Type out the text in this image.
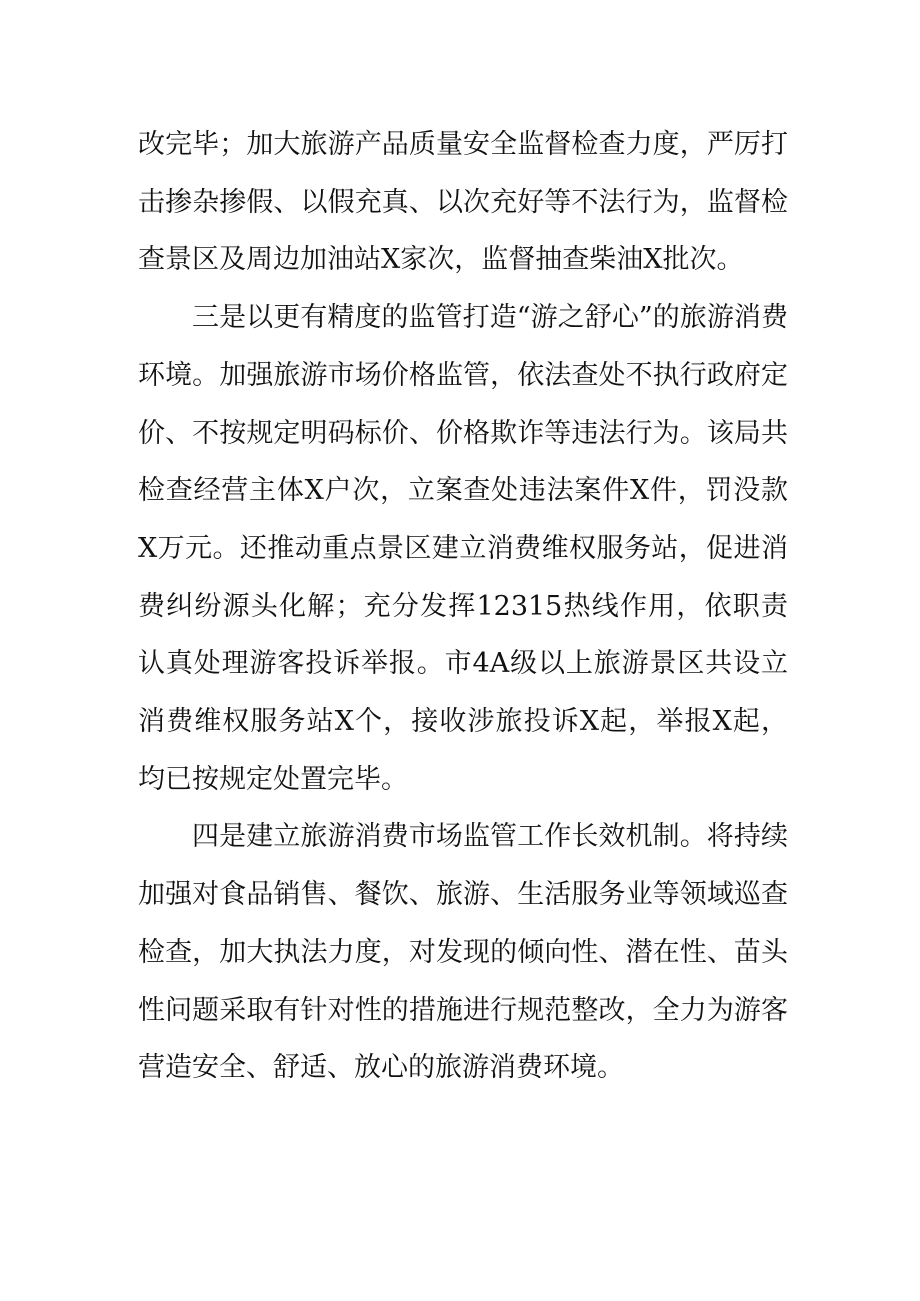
改完毕；加大旅游产品质量安全监督检查力度，严厉打击掺杂掺假、以假充真、以次充好等不法行为，监督检查景区及周边加油站X家次，监督抽查柴油X批次。

三是以更有精度的监管打造“游之舒心”的旅游消费环境。加强旅游市场价格监管，依法查处不执行政府定价、不按规定明码标价、价格欺诈等违法行为。该局共检查经营主体X户次，立案查处违法案件X件，罚没款X万元。还推动重点景区建立消费维权服务站，促进消费纠纷源头化解；充分发挥12315热线作用，依职责认真处理游客投诉举报。市4A级以上旅游景区共设立消费维权服务站X个，接收涉旅投诉X起，举报X起，均已按规定处置完毕。

四是建立旅游消费市场监管工作长效机制。将持续加强对食品销售、餐饮、旅游、生活服务业等领域巡查检查，加大执法力度，对发现的倾向性、潜在性、苗头性问题采取有针对性的措施进行规范整改，全力为游客营造安全、舒适、放心的旅游消费环境。
